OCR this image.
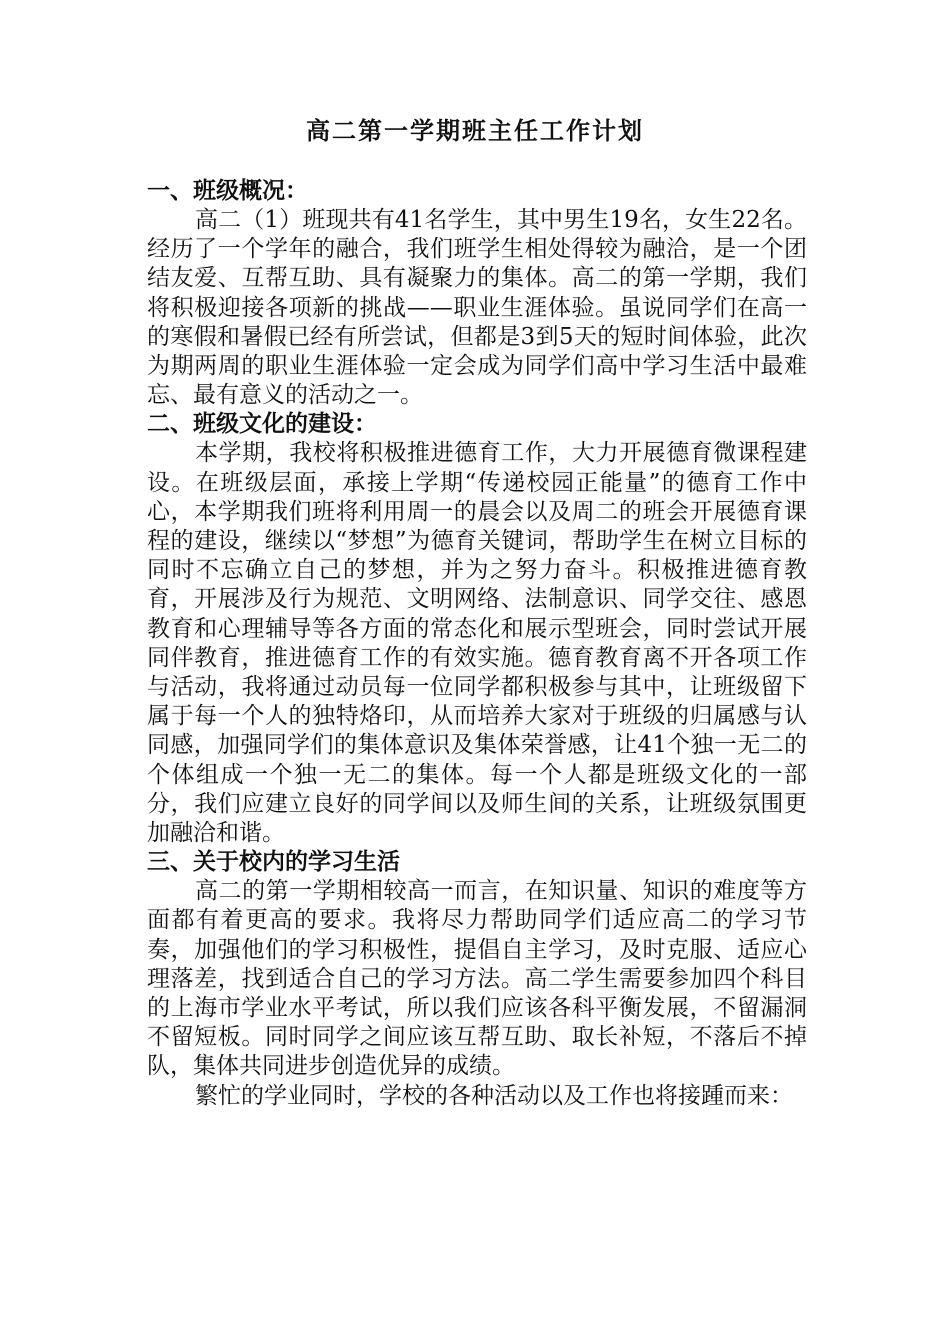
高二第一学期班主任工作计划

一、班级概况：

高二（1）班现共有41名学生，其中男生19名，女生22名。经历了一个学年的融合，我们班学生相处得较为融洽，是一个团结友爱、互帮互助、具有凝聚力的集体。高二的第一学期，我们将积极迎接各项新的挑战——职业生涯体验。虽说同学们在高一的寒假和暑假已经有所尝试，但都是3到5天的短时间体验，此次为期两周的职业生涯体验一定会成为同学们高中学习生活中最难忘、最有意义的活动之一。

二、班级文化的建设：

本学期，我校将积极推进德育工作，大力开展德育微课程建设。在班级层面，承接上学期“传递校园正能量”的德育工作中心，本学期我们班将利用周一的晨会以及周二的班会开展德育课程的建设，继续以“梦想”为德育关键词，帮助学生在树立目标的同时不忘确立自己的梦想，并为之努力奋斗。积极推进德育教育，开展涉及行为规范、文明网络、法制意识、同学交往、感恩教育和心理辅导等各方面的常态化和展示型班会，同时尝试开展同伴教育，推进德育工作的有效实施。德育教育离不开各项工作与活动，我将通过动员每一位同学都积极参与其中，让班级留下属于每一个人的独特烙印，从而培养大家对于班级的归属感与认同感，加强同学们的集体意识及集体荣誉感，让41个独一无二的个体组成一个独一无二的集体。每一个人都是班级文化的一部分，我们应建立良好的同学间以及师生间的关系，让班级氛围更加融洽和谐。

三、关于校内的学习生活

高二的第一学期相较高一而言，在知识量、知识的难度等方面都有着更高的要求。我将尽力帮助同学们适应高二的学习节奏，加强他们的学习积极性，提倡自主学习，及时克服、适应心理落差，找到适合自己的学习方法。高二学生需要参加四个科目的上海市学业水平考试，所以我们应该各科平衡发展，不留漏洞不留短板。同时同学之间应该互帮互助、取长补短，不落后不掉队，集体共同进步创造优异的成绩。

繁忙的学业同时，学校的各种活动以及工作也将接踵而来：
